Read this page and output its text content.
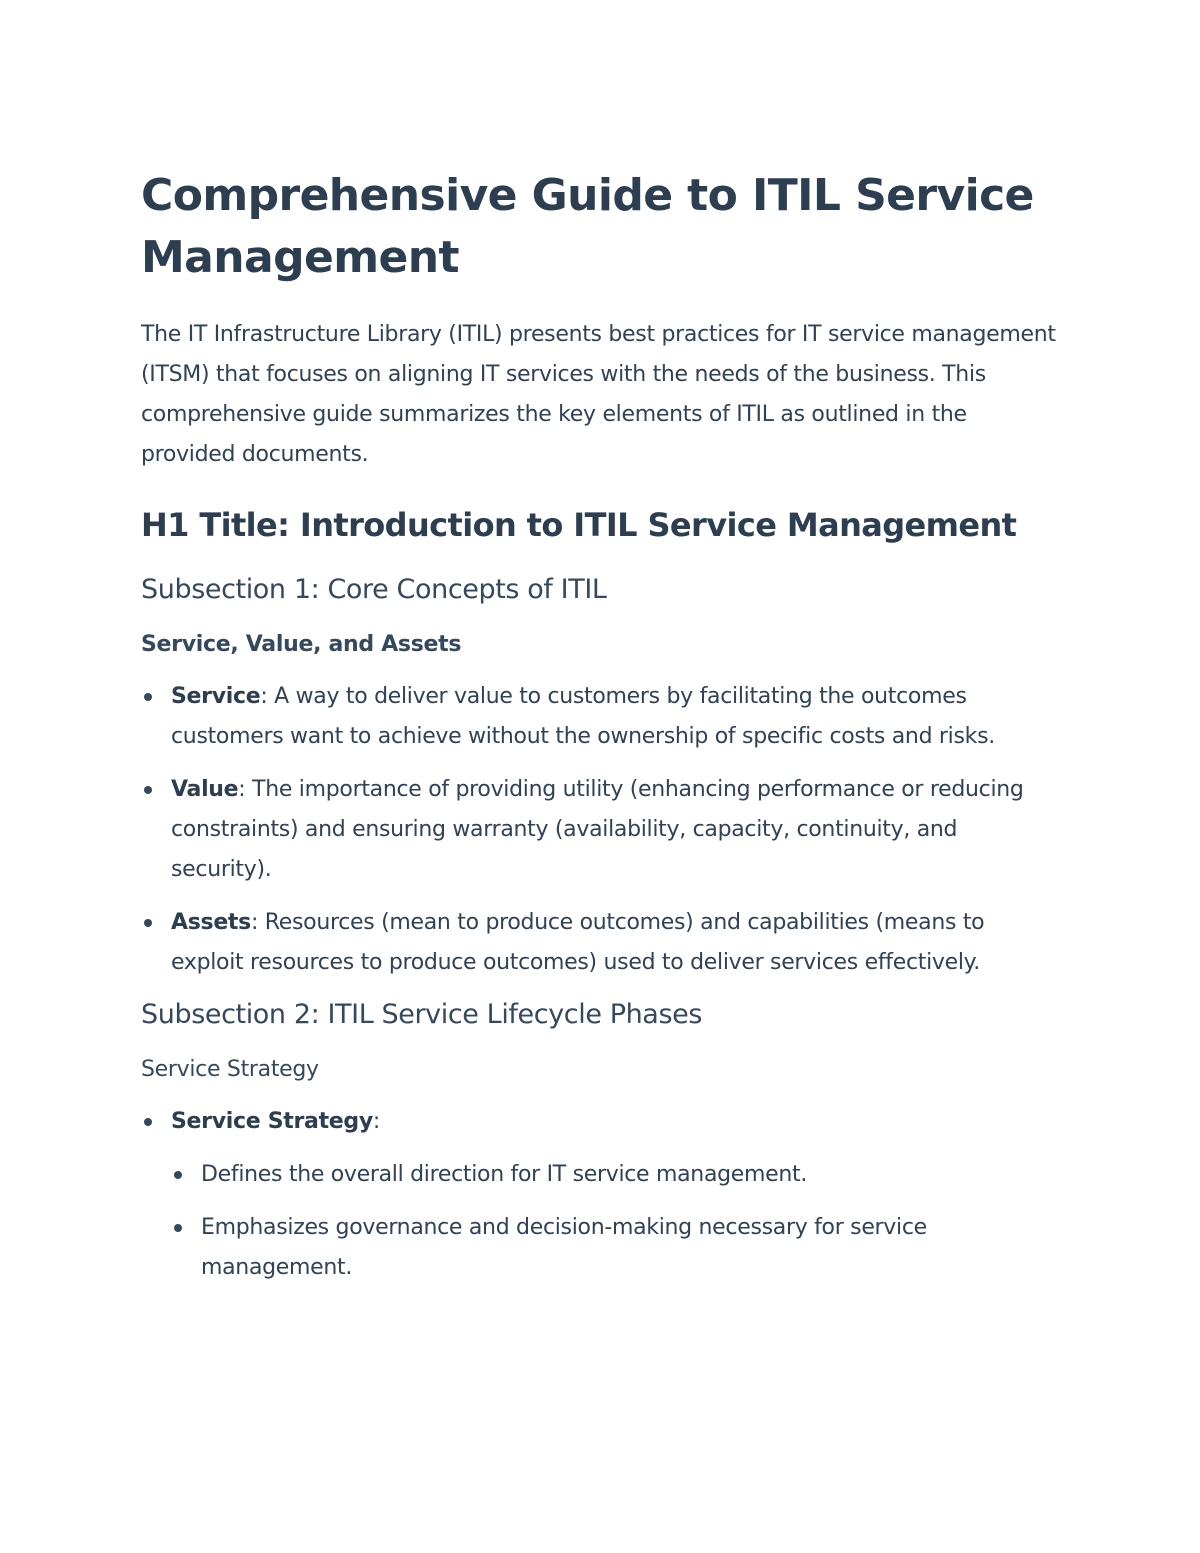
Comprehensive Guide to ITIL Service Management

The IT Infrastructure Library (ITIL) presents best practices for IT service management (ITSM) that focuses on aligning IT services with the needs of the business. This comprehensive guide summarizes the key elements of ITIL as outlined in the provided documents.

H1 Title: Introduction to ITIL Service Management
Subsection 1: Core Concepts of ITIL
Service, Value, and Assets
Service: A way to deliver value to customers by facilitating the outcomes customers want to achieve without the ownership of specific costs and risks.
Value: The importance of providing utility (enhancing performance or reducing constraints) and ensuring warranty (availability, capacity, continuity, and security).
Assets: Resources (mean to produce outcomes) and capabilities (means to exploit resources to produce outcomes) used to deliver services effectively.
Subsection 2: ITIL Service Lifecycle Phases
Service Strategy
Service Strategy:
Defines the overall direction for IT service management.
Emphasizes governance and decision-making necessary for service management.
